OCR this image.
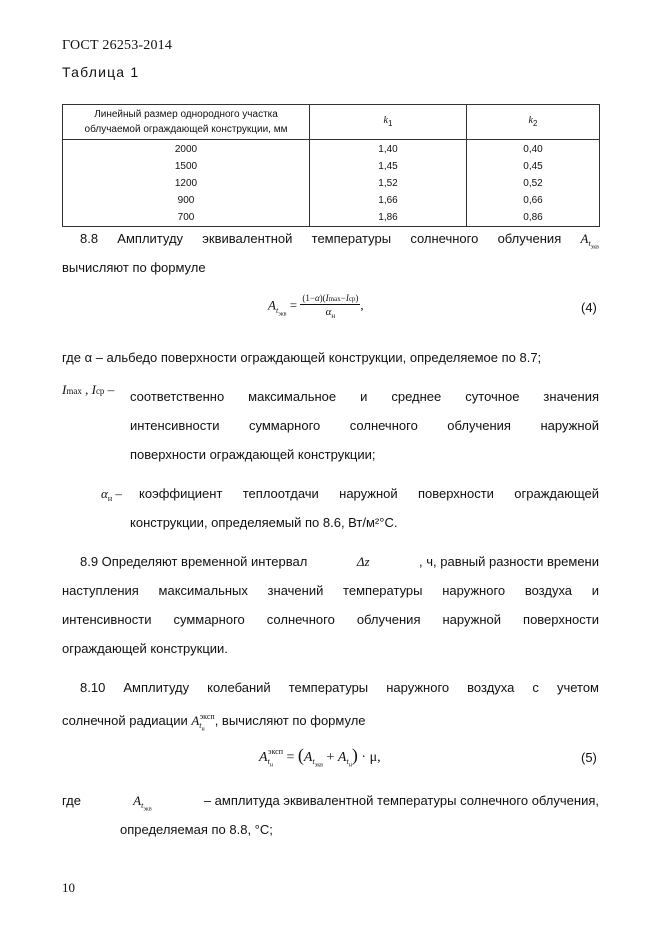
ГОСТ 26253-2014
Таблица 1
Линейный размер однородного участка облучаемой ограждающей конструкции, мм	$k_1$	$k_2$
2000	1,40	0,40
1500	1,45	0,45
1200	1,52	0,52
900	1,66	0,66
700	1,86	0,86
8.8 Амплитуду эквивалентной температуры солнечного облучения $A_{t_{экв}}$
вычисляют по формуле
$A_{t_{экв}} = \frac{\text{(1−α)(Imax−Iср)}}{\alpha_н}$ ,	(4)
где α – альбедо поверхности ограждающей конструкции, определяемое по 8.7;
Imax , Iср – соответственно максимальное и среднее суточное значения
интенсивности суммарного солнечного облучения наружной
поверхности ограждающей конструкции;
$\alpha_н$ – коэффициент теплоотдачи наружной поверхности ограждающей
конструкции, определяемый по 8.6, Вт/м²°С.
8.9 Определяют временной интервал	Δz	, ч, равный разности времени
наступления максимальных значений температуры наружного воздуха и
интенсивности суммарного солнечного облучения наружной поверхности
ограждающей конструкции.
8.10 Амплитуду колебаний температуры наружного воздуха с учетом
солнечной радиации $A_{t_н}^{эксп}$, вычисляют по формуле
$A_{t_н}^{эксп} = (A_{t_{экв}} + A_{t_н}) \cdot \mu$,	(5)
где	$A_{t_{экв}}$
– амплитуда эквивалентной температуры солнечного облучения,
определяемая по 8.8, °С;
10
